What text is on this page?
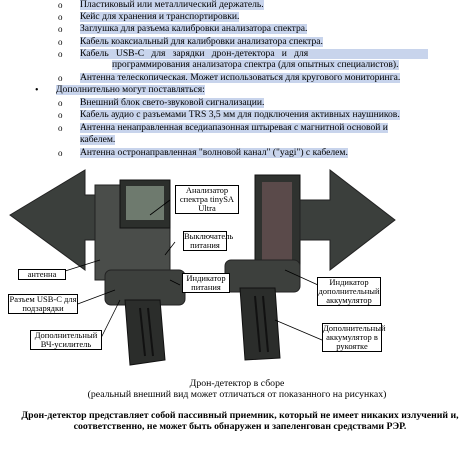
o Пластиковый или металлический держатель.
o Кейс для хранения и транспортировки.
o Заглушка для разъема калибровки анализатора спектра.
o Кабель коаксиальный для калибровки анализатора спектра.
o Кабель   USB-C   для   зарядки   дрон-детектора   и   для
программирования анализатора спектра (для опытных специалистов).
o Антенна телескопическая. Может использоваться для кругового мониторинга.
• Дополнительно могут поставляться:
o Внешний блок свето-звуковой сигнализации.
o Кабель аудио с разъемами TRS 3,5 мм для подключения активных наушников.
o Антенна ненаправленная вседиапазонная штыревая с магнитной основой и
кабелем.
o Антенна остронаправленная "волновой канал" ("yagi") с кабелем.
Анализатор спектра tinySA Ultra
Выключатель питания
антенна
Разъем USB-C для подзарядки
Индикатор питания
Дополнительный ВЧ-усилитель
Индикатор дополнительный аккумулятор
Дополнительный аккумулятор в рукоятке
Дрон-детектор в сборе
(реальный внешний вид может отличаться от показанного на рисунках)
Дрон-детектор представляет собой пассивный приемник, который не имеет никаких излучений и, соответственно, не может быть обнаружен и запеленгован средствами РЭР.
